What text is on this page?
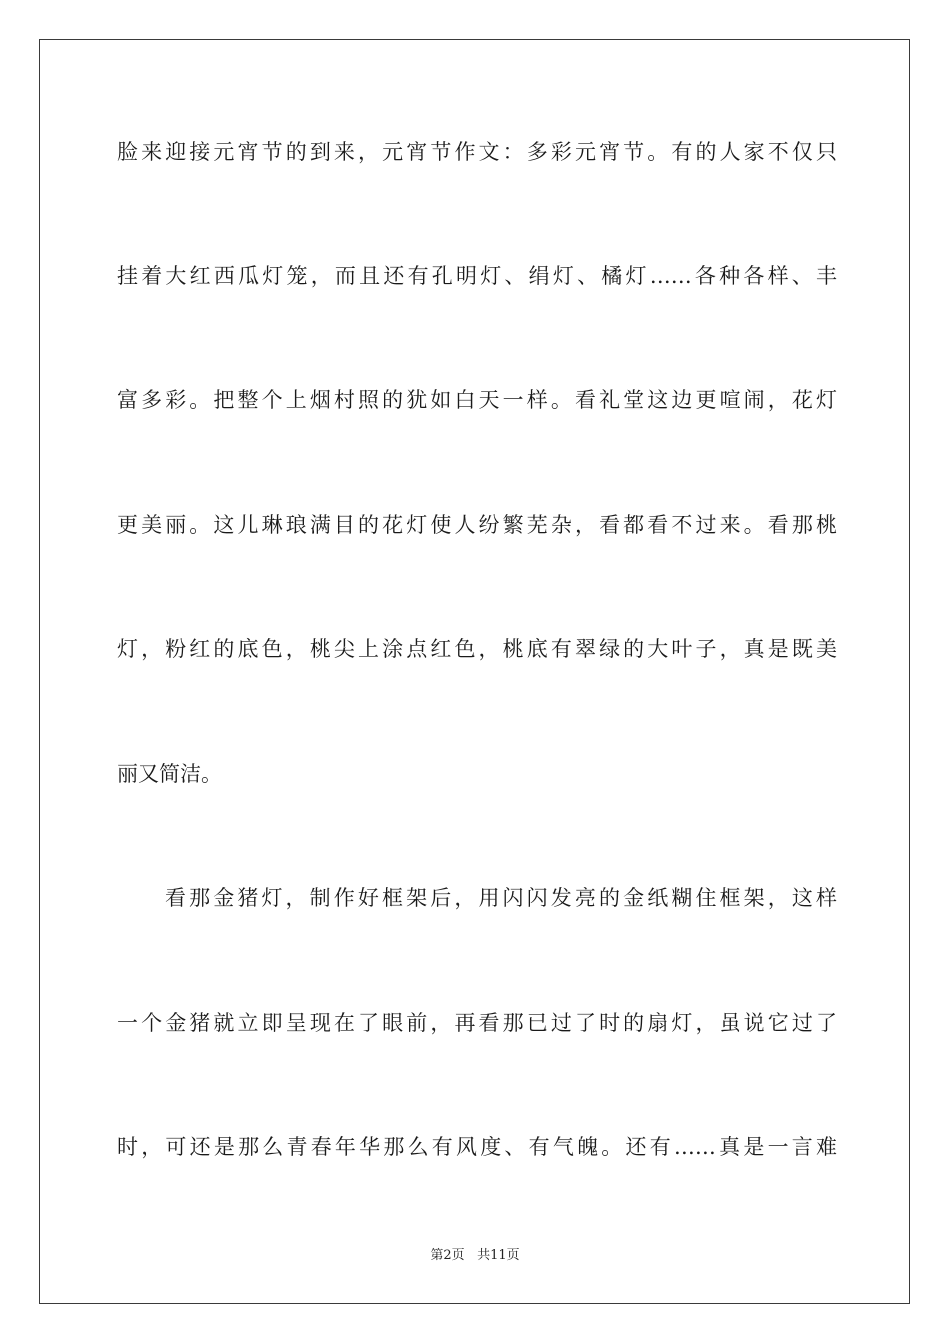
脸来迎接元宵节的到来，元宵节作文：多彩元宵节。有的人家不仅只
挂着大红西瓜灯笼，而且还有孔明灯、绢灯、橘灯……各种各样、丰
富多彩。把整个上烟村照的犹如白天一样。看礼堂这边更喧闹，花灯
更美丽。这儿琳琅满目的花灯使人纷繁芜杂，看都看不过来。看那桃
灯，粉红的底色，桃尖上涂点红色，桃底有翠绿的大叶子，真是既美
丽又简洁。
看那金猪灯，制作好框架后，用闪闪发亮的金纸糊住框架，这样
一个金猪就立即呈现在了眼前，再看那已过了时的扇灯，虽说它过了
时，可还是那么青春年华那么有风度、有气魄。还有……真是一言难
第2页 共11页
